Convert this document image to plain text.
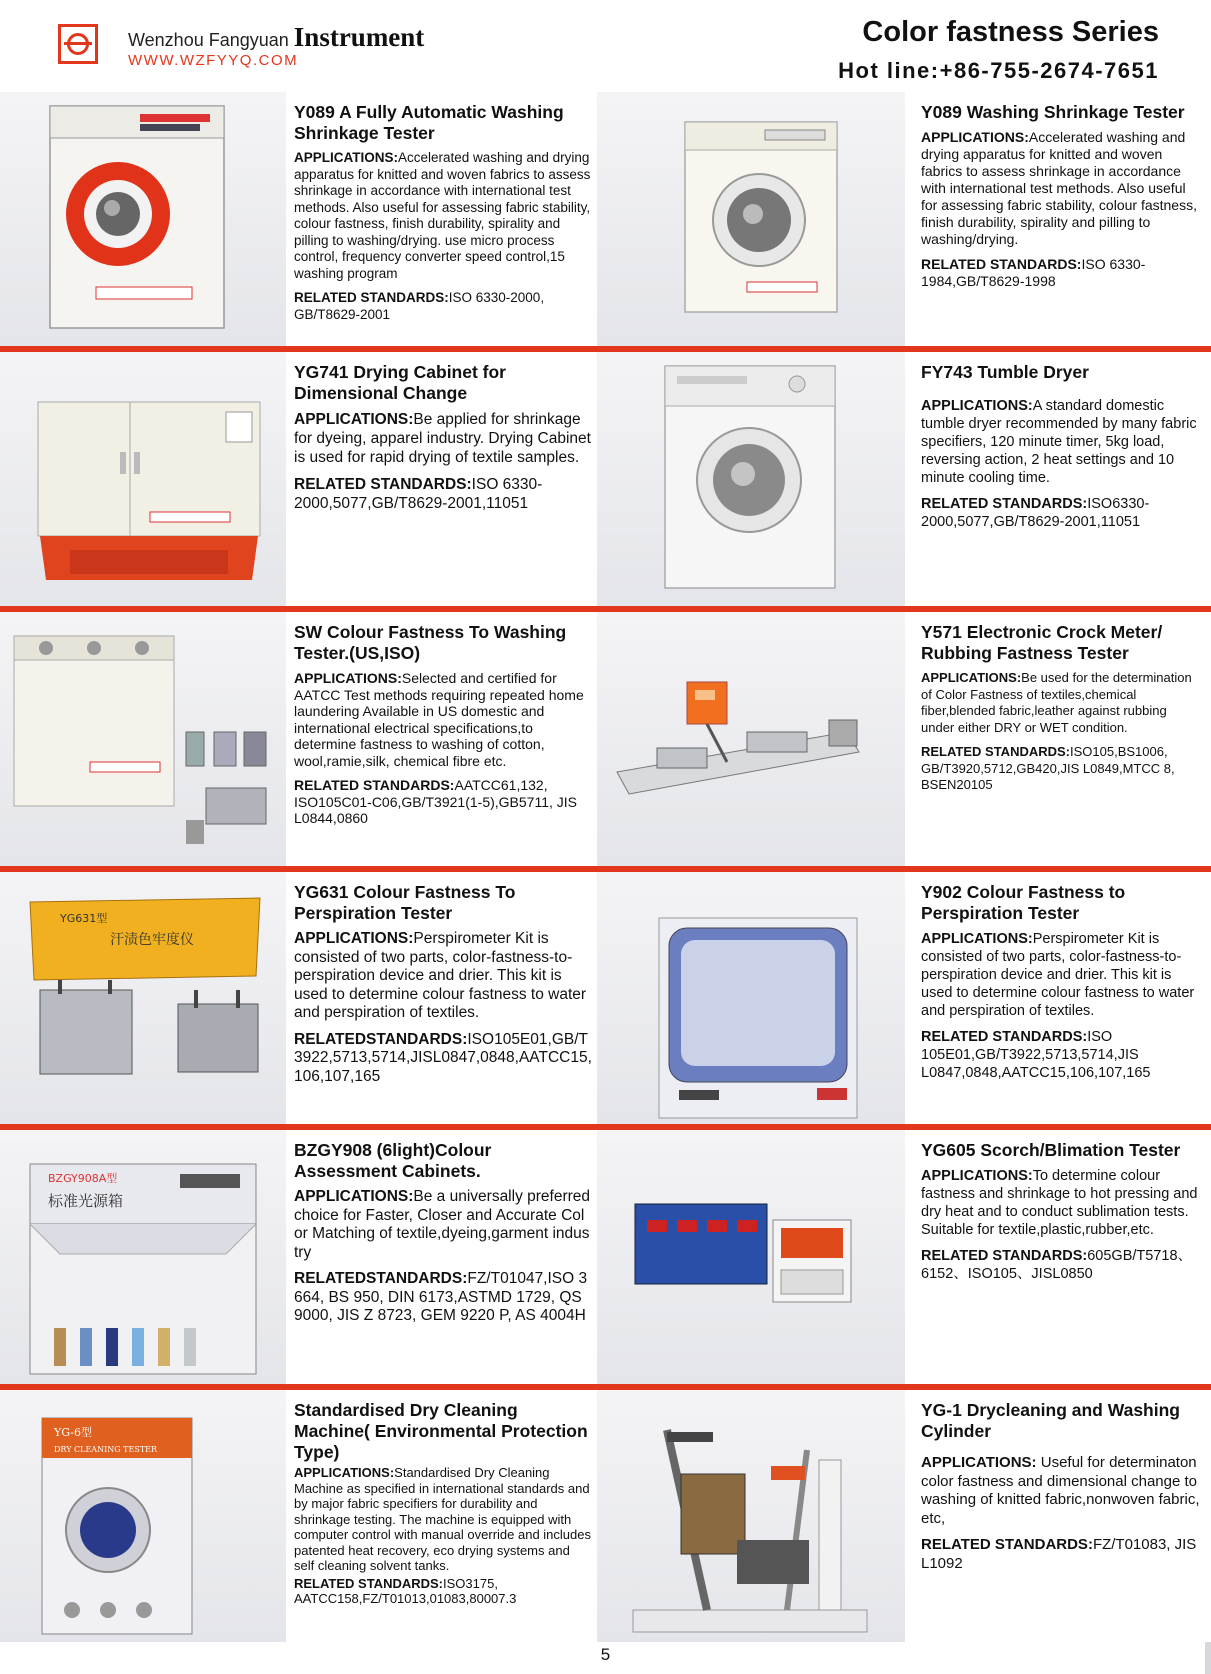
Wenzhou Fangyuan Instrument
WWW.WZFYYQ.COM
Color fastness Series
Hot line:+86-755-2674-7651

Y089 A Fully Automatic Washing Shrinkage Tester

APPLICATIONS:Accelerated washing and drying apparatus for knitted and woven fabrics to assess shrinkage in accordance with international test methods. Also useful for assessing fabric stability, colour fastness, finish durability, spirality and pilling to washing/drying. use micro process control, frequency converter speed control,15 washing program

RELATED STANDARDS:ISO 6330-2000, GB/T8629-2001

Y089 Washing Shrinkage Tester

APPLICATIONS:Accelerated washing and drying apparatus for knitted and woven fabrics to assess shrinkage in accordance with international test methods. Also useful for assessing fabric stability, colour fastness, finish durability, spirality and pilling to washing/drying.

RELATED STANDARDS:ISO 6330-1984,GB/T8629-1998

YG741 Drying Cabinet for Dimensional Change

APPLICATIONS:Be applied for shrinkage for dyeing, apparel industry. Drying Cabinet is used for rapid drying of textile samples.

RELATED STANDARDS:ISO 6330-2000,5077,GB/T8629-2001,11051

FY743 Tumble Dryer

APPLICATIONS:A standard domestic tumble dryer recommended by many fabric specifiers, 120 minute timer, 5kg load, reversing action, 2 heat settings and 10 minute cooling time.

RELATED STANDARDS:ISO6330-2000,5077,GB/T8629-2001,11051

SW Colour Fastness To Washing Tester.(US,ISO)

APPLICATIONS:Selected and certified for AATCC Test methods requiring repeated home laundering Available in US domestic and international electrical specifications,to determine fastness to washing of cotton, wool,ramie,silk, chemical fibre etc.

RELATED STANDARDS:AATCC61,132, ISO105C01-C06,GB/T3921(1-5),GB5711, JIS L0844,0860

Y571 Electronic Crock Meter/ Rubbing Fastness Tester

APPLICATIONS:Be used for the determination of Color Fastness of textiles,chemical fiber,blended fabric,leather against rubbing under either DRY or WET condition.

RELATED STANDARDS:ISO105,BS1006, GB/T3920,5712,GB420,JIS L0849,MTCC 8, BSEN20105

YG631型
汗渍色牢度仪

YG631 Colour Fastness To Perspiration Tester

APPLICATIONS:Perspirometer Kit is consisted of two parts, color-fastness-to-perspiration device and drier. This kit is used to determine colour fastness to water and perspiration of textiles.

RELATEDSTANDARDS:ISO105E01,GB/T3922,5713,5714,JISL0847,0848,AATCC15,106,107,165

Y902 Colour Fastness to Perspiration Tester

APPLICATIONS:Perspirometer Kit is consisted of two parts, color-fastness-to-perspiration device and drier. This kit is used to determine colour fastness to water and perspiration of textiles.

RELATED STANDARDS:ISO 105E01,GB/T3922,5713,5714,JIS L0847,0848,AATCC15,106,107,165

BZGY908A型
标准光源箱

BZGY908 (6light)Colour Assessment Cabinets.

APPLICATIONS:Be a universally preferred choice for Faster, Closer and Accurate Color Matching of textile,dyeing,garment industry

RELATEDSTANDARDS:FZ/T01047,ISO 3664, BS 950, DIN 6173,ASTMD 1729, QS 9000, JIS Z 8723, GEM 9220 P, AS 4004H

YG605 Scorch/Blimation Tester

APPLICATIONS:To determine colour fastness and shrinkage to hot pressing and dry heat and to conduct sublimation tests. Suitable for textile,plastic,rubber,etc.

RELATED STANDARDS:605GB/T5718、6152、ISO105、JISL0850

YG-6型
DRY CLEANING TESTER

Standardised Dry Cleaning Machine( Environmental Protection Type)

APPLICATIONS:Standardised Dry Cleaning Machine as specified in international standards and by major fabric specifiers for durability and shrinkage testing. The machine is equipped with computer control with manual override and includes patented heat recovery, eco drying systems and self cleaning solvent tanks.

RELATED STANDARDS:ISO3175, AATCC158,FZ/T01013,01083,80007.3

YG-1 Drycleaning and Washing Cylinder

APPLICATIONS: Useful for determinaton color fastness and dimensional change to washing of knitted fabric,nonwoven fabric,etc,

RELATED STANDARDS:FZ/T01083, JIS L1092

5
